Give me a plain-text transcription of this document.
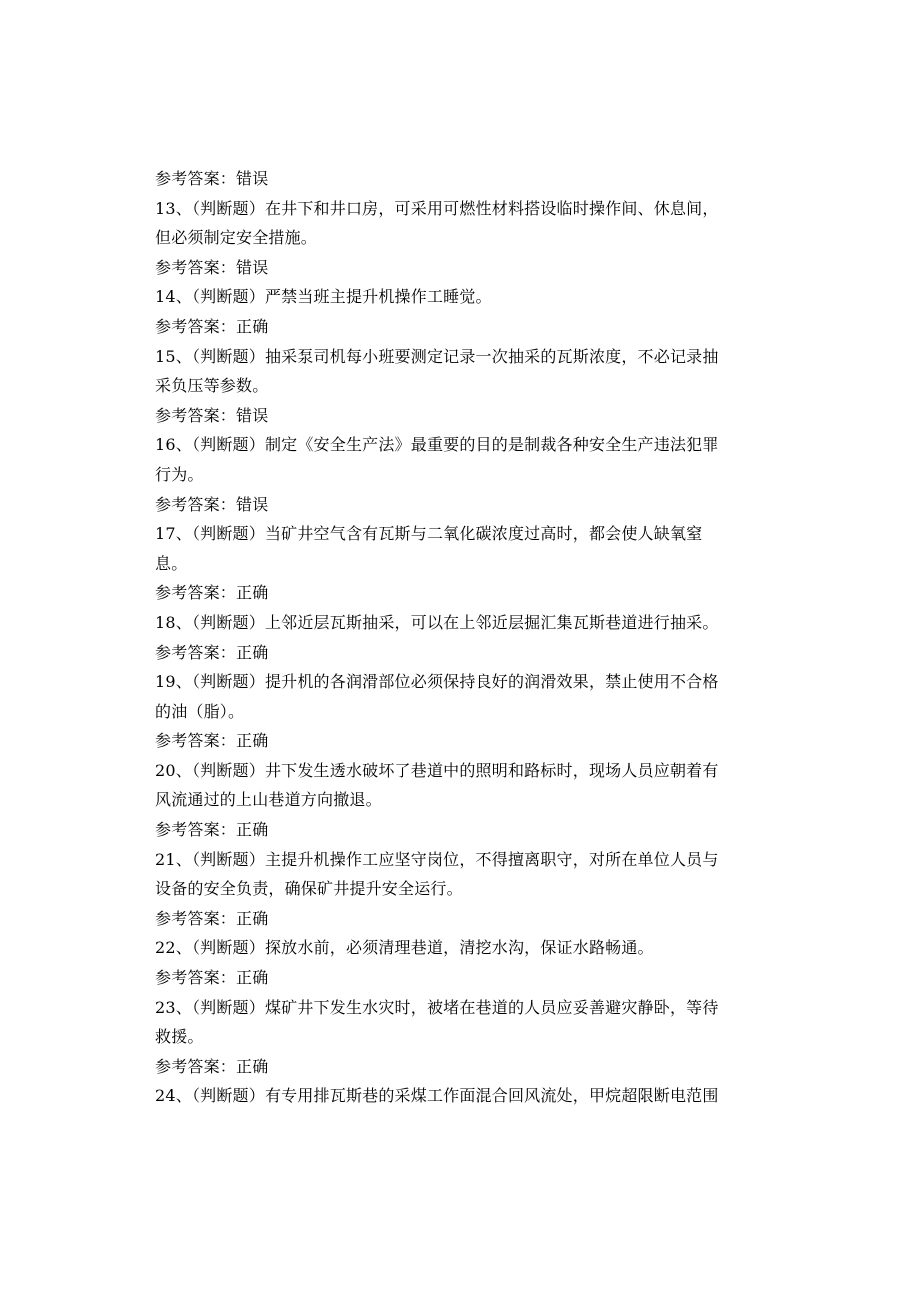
参考答案：错误
13、（判断题）在井下和井口房，可采用可燃性材料搭设临时操作间、休息间，
但必须制定安全措施。
参考答案：错误
14、（判断题）严禁当班主提升机操作工睡觉。
参考答案：正确
15、（判断题）抽采泵司机每小班要测定记录一次抽采的瓦斯浓度，不必记录抽
采负压等参数。
参考答案：错误
16、（判断题）制定《安全生产法》最重要的目的是制裁各种安全生产违法犯罪
行为。
参考答案：错误
17、（判断题）当矿井空气含有瓦斯与二氧化碳浓度过高时，都会使人缺氧窒
息。
参考答案：正确
18、（判断题）上邻近层瓦斯抽采，可以在上邻近层掘汇集瓦斯巷道进行抽采。
参考答案：正确
19、（判断题）提升机的各润滑部位必须保持良好的润滑效果，禁止使用不合格
的油（脂）。
参考答案：正确
20、（判断题）井下发生透水破坏了巷道中的照明和路标时，现场人员应朝着有
风流通过的上山巷道方向撤退。
参考答案：正确
21、（判断题）主提升机操作工应坚守岗位，不得擅离职守，对所在单位人员与
设备的安全负责，确保矿井提升安全运行。
参考答案：正确
22、（判断题）探放水前，必须清理巷道，清挖水沟，保证水路畅通。
参考答案：正确
23、（判断题）煤矿井下发生水灾时，被堵在巷道的人员应妥善避灾静卧，等待
救援。
参考答案：正确
24、（判断题）有专用排瓦斯巷的采煤工作面混合回风流处，甲烷超限断电范围
